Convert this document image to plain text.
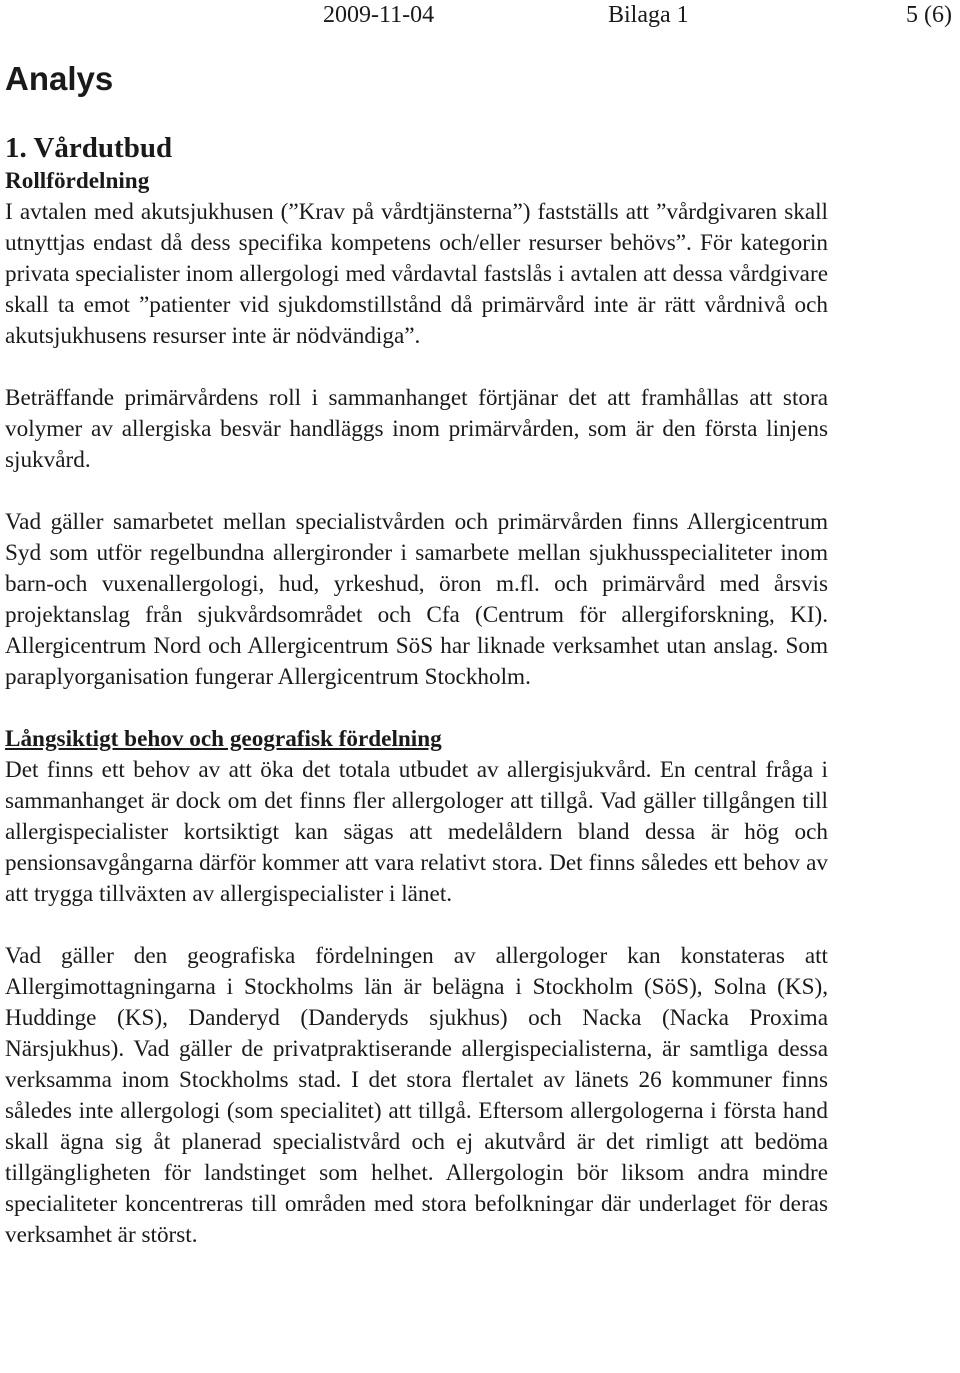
2009-11-04	Bilaga 1	5 (6)
Analys
1. Vårdutbud
Rollfördelning

I avtalen med akutsjukhusen (”Krav på vårdtjänsterna”) fastställs att ”vårdgivaren skall utnyttjas endast då dess specifika kompetens och/eller resurser behövs”. För kategorin privata specialister inom allergologi med vårdavtal fastslås i avtalen att dessa vårdgivare skall ta emot ”patienter vid sjukdomstillstånd då primärvård inte är rätt vårdnivå och akutsjukhusens resurser inte är nödvändiga”.

Beträffande primärvårdens roll i sammanhanget förtjänar det att framhållas att stora volymer av allergiska besvär handläggs inom primärvården, som är den första linjens sjukvård.

Vad gäller samarbetet mellan specialistvården och primärvården finns Allergicentrum Syd som utför regelbundna allergironder i samarbete mellan sjukhusspecialiteter inom barn-och vuxenallergologi, hud, yrkeshud, öron m.fl. och primärvård med årsvis projektanslag från sjukvårdsområdet och Cfa (Centrum för allergiforskning, KI). Allergicentrum Nord och Allergicentrum SöS har liknade verksamhet utan anslag. Som paraplyorganisation fungerar Allergicentrum Stockholm.

Långsiktigt behov och geografisk fördelning

Det finns ett behov av att öka det totala utbudet av allergisjukvård. En central fråga i sammanhanget är dock om det finns fler allergologer att tillgå. Vad gäller tillgången till allergispecialister kortsiktigt kan sägas att medelåldern bland dessa är hög och pensionsavgångarna därför kommer att vara relativt stora. Det finns således ett behov av att trygga tillväxten av allergispecialister i länet.

Vad gäller den geografiska fördelningen av allergologer kan konstateras att Allergimottagningarna i Stockholms län är belägna i Stockholm (SöS), Solna (KS), Huddinge (KS), Danderyd (Danderyds sjukhus) och Nacka (Nacka Proxima Närsjukhus). Vad gäller de privatpraktiserande allergispecialisterna, är samtliga dessa verksamma inom Stockholms stad. I det stora flertalet av länets 26 kommuner finns således inte allergologi (som specialitet) att tillgå. Eftersom allergologerna i första hand skall ägna sig åt planerad specialistvård och ej akutvård är det rimligt att bedöma tillgängligheten för landstinget som helhet. Allergologin bör liksom andra mindre specialiteter koncentreras till områden med stora befolkningar där underlaget för deras verksamhet är störst.
